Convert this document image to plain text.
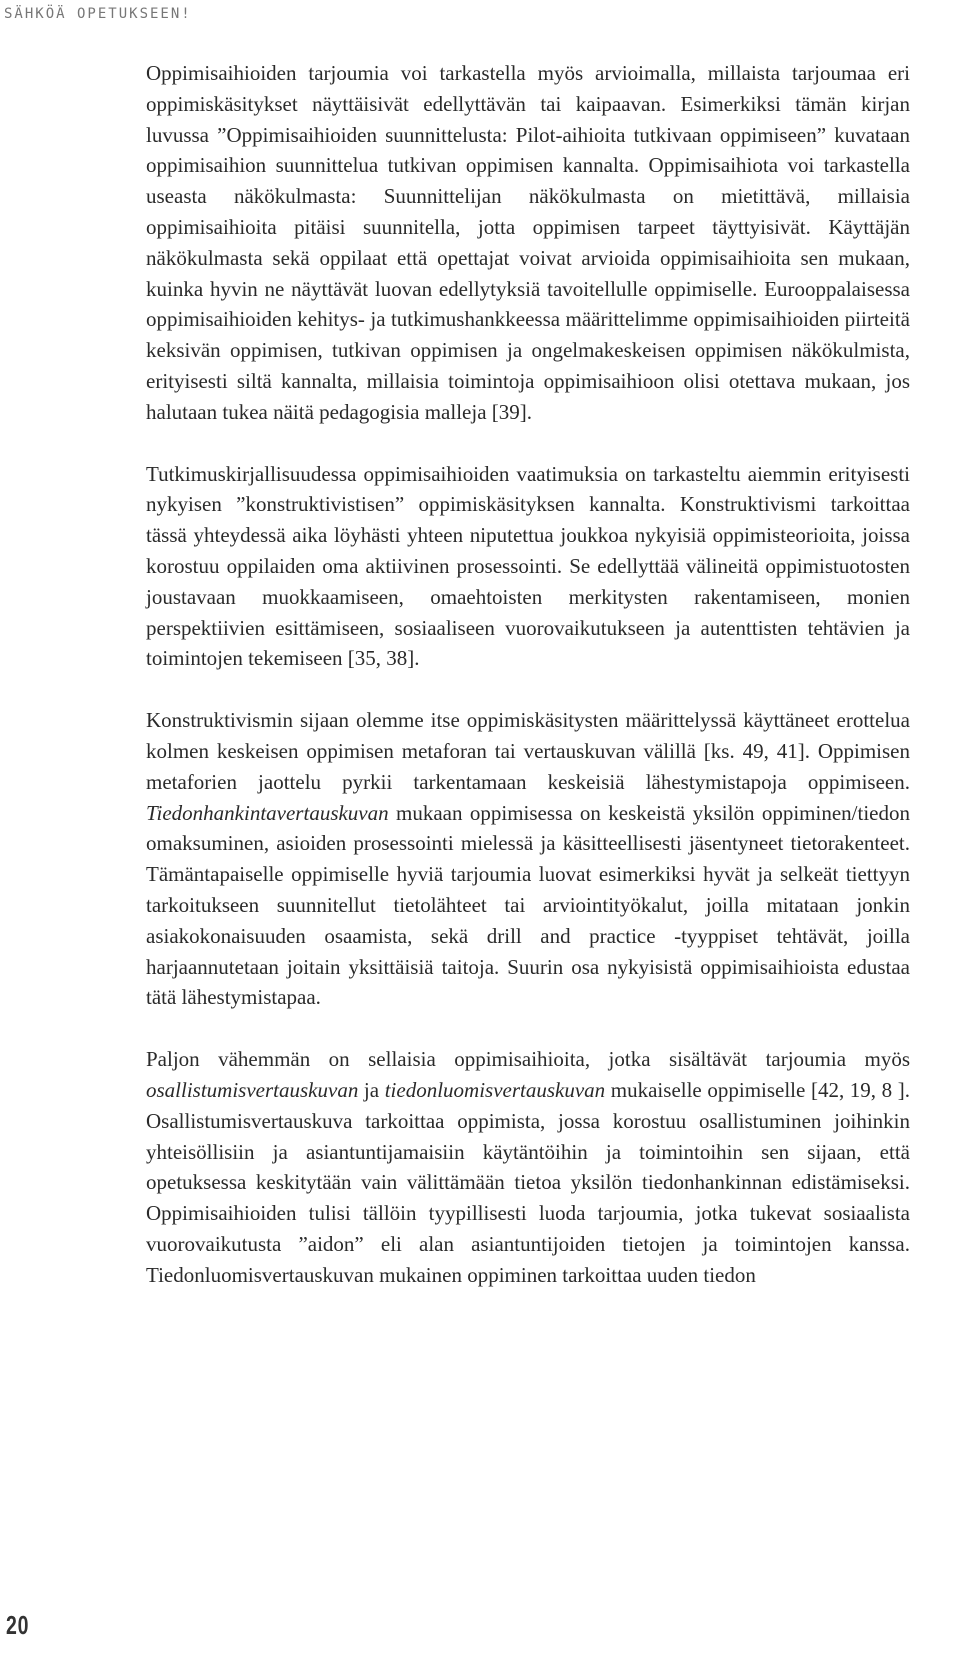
SÄHKÖÄ OPETUKSEEN!

Oppimisaihioiden tarjoumia voi tarkastella myös arvioimalla, millaista tarjoumaa eri oppimiskäsitykset näyttäisivät edellyttävän tai kaipaavan. Esimerkiksi tämän kirjan luvussa ”Oppimisaihioiden suunnittelusta: Pilot-aihioita tutkivaan oppimiseen” kuvataan oppimisaihion suunnittelua tutkivan oppimisen kannalta. Oppimisaihiota voi tarkastella useasta näkökulmasta: Suunnittelijan näkökulmasta on mietittävä, millaisia oppimisaihioita pitäisi suunnitella, jotta oppimisen tarpeet täyttyisivät. Käyttäjän näkökulmasta sekä oppilaat että opettajat voivat arvioida oppimisaihioita sen mukaan, kuinka hyvin ne näyttävät luovan edellytyksiä tavoitellulle oppimiselle. Eurooppalaisessa oppimisaihioiden kehitys- ja tutkimushankkeessa määrittelimme oppimisaihioiden piirteitä keksivän oppimisen, tutkivan oppimisen ja ongelmakeskeisen oppimisen näkökulmista, erityisesti siltä kannalta, millaisia toimintoja oppimisaihioon olisi otettava mukaan, jos halutaan tukea näitä pedagogisia malleja [39].

Tutkimuskirjallisuudessa oppimisaihioiden vaatimuksia on tarkasteltu aiemmin erityisesti nykyisen ”konstruktivistisen” oppimiskäsityksen kannalta. Konstruktivismi tarkoittaa tässä yhteydessä aika löyhästi yhteen niputettua joukkoa nykyisiä oppimisteorioita, joissa korostuu oppilaiden oma aktiivinen prosessointi. Se edellyttää välineitä oppimistuotosten joustavaan muokkaamiseen, omaehtoisten merkitysten rakentamiseen, monien perspektiivien esittämiseen, sosiaaliseen vuorovaikutukseen ja autenttisten tehtävien ja toimintojen tekemiseen [35, 38].

Konstruktivismin sijaan olemme itse oppimiskäsitysten määrittelyssä käyttäneet erottelua kolmen keskeisen oppimisen metaforan tai vertauskuvan välillä [ks. 49, 41]. Oppimisen metaforien jaottelu pyrkii tarkentamaan keskeisiä lähestymistapoja oppimiseen. Tiedonhankintavertauskuvan mukaan oppimisessa on keskeistä yksilön oppiminen/tiedon omaksuminen, asioiden prosessointi mielessä ja käsitteellisesti jäsentyneet tietorakenteet. Tämäntapaiselle oppimiselle hyviä tarjoumia luovat esimerkiksi hyvät ja selkeät tiettyyn tarkoitukseen suunnitellut tietolähteet tai arviointityökalut, joilla mitataan jonkin asiakokonaisuuden osaamista, sekä drill and practice -tyyppiset tehtävät, joilla harjaannutetaan joitain yksittäisiä taitoja. Suurin osa nykyisistä oppimisaihioista edustaa tätä lähestymistapaa.

Paljon vähemmän on sellaisia oppimisaihioita, jotka sisältävät tarjoumia myös osallistumisvertauskuvan ja tiedonluomisvertauskuvan mukaiselle oppimiselle [42, 19, 8 ]. Osallistumisvertauskuva tarkoittaa oppimista, jossa korostuu osallistuminen joihinkin yhteisöllisiin ja asiantuntijamaisiin käytäntöihin ja toimintoihin sen sijaan, että opetuksessa keskitytään vain välittämään tietoa yksilön tiedonhankinnan edistämiseksi. Oppimisaihioiden tulisi tällöin tyypillisesti luoda tarjoumia, jotka tukevat sosiaalista vuorovaikutusta ”aidon” eli alan asiantuntijoiden tietojen ja toimintojen kanssa. Tiedonluomisvertauskuvan mukainen oppiminen tarkoittaa uuden tiedon

20
